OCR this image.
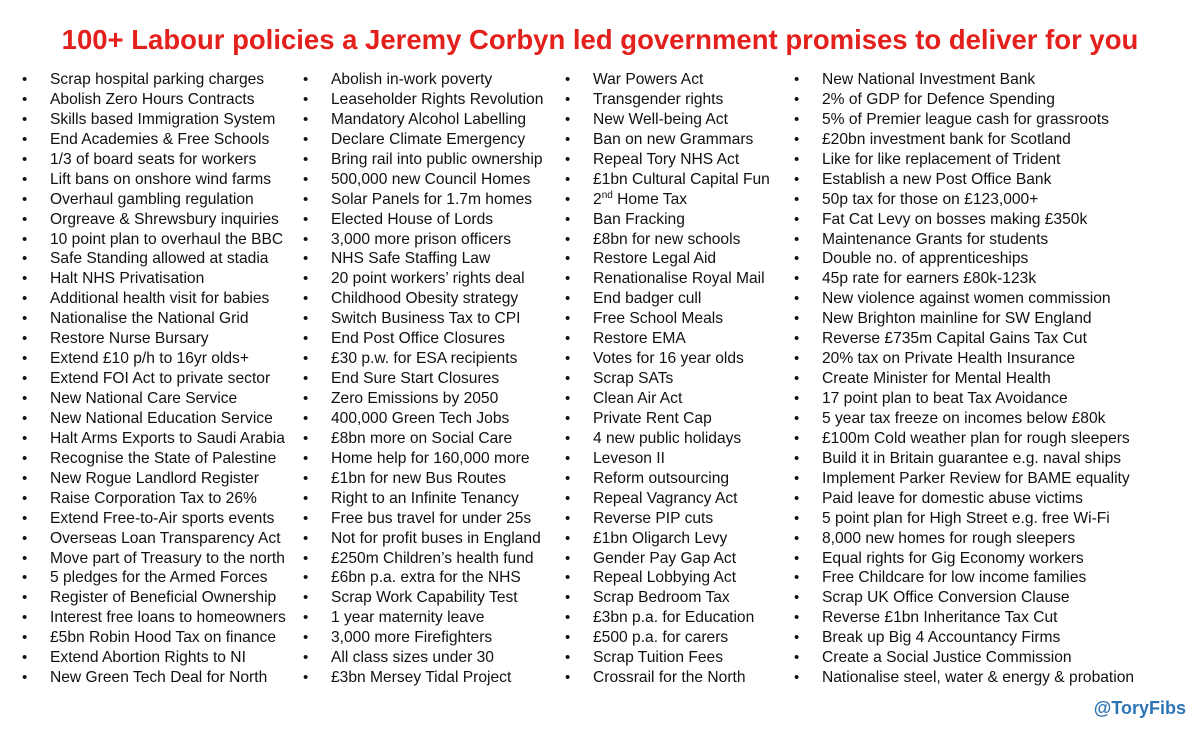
100+ Labour policies a Jeremy Corbyn led government promises to deliver for you
• Scrap hospital parking charges
• Abolish Zero Hours Contracts
• Skills based Immigration System
• End Academies & Free Schools
• 1/3 of board seats for workers
• Lift bans on onshore wind farms
• Overhaul gambling regulation
• Orgreave & Shrewsbury inquiries
• 10 point plan to overhaul the BBC
• Safe Standing allowed at stadia
• Halt NHS Privatisation
• Additional health visit for babies
• Nationalise the National Grid
• Restore Nurse Bursary
• Extend £10 p/h to 16yr olds+
• Extend FOI Act to private sector
• New National Care Service
• New National Education Service
• Halt Arms Exports to Saudi Arabia
• Recognise the State of Palestine
• New Rogue Landlord Register
• Raise Corporation Tax to 26%
• Extend Free-to-Air sports events
• Overseas Loan Transparency Act
• Move part of Treasury to the north
• 5 pledges for the Armed Forces
• Register of Beneficial Ownership
• Interest free loans to homeowners
• £5bn Robin Hood Tax on finance
• Extend Abortion Rights to NI
• New Green Tech Deal for North
• Abolish in-work poverty
• Leaseholder Rights Revolution
• Mandatory Alcohol Labelling
• Declare Climate Emergency
• Bring rail into public ownership
• 500,000 new Council Homes
• Solar Panels for 1.7m homes
• Elected House of Lords
• 3,000 more prison officers
• NHS Safe Staffing Law
• 20 point workers’ rights deal
• Childhood Obesity strategy
• Switch Business Tax to CPI
• End Post Office Closures
• £30 p.w. for ESA recipients
• End Sure Start Closures
• Zero Emissions by 2050
• 400,000 Green Tech Jobs
• £8bn more on Social Care
• Home help for 160,000 more
• £1bn for new Bus Routes
• Right to an Infinite Tenancy
• Free bus travel for under 25s
• Not for profit buses in England
• £250m Children’s health fund
• £6bn p.a. extra for the NHS
• Scrap Work Capability Test
• 1 year maternity leave
• 3,000 more Firefighters
• All class sizes under 30
• £3bn Mersey Tidal Project
• War Powers Act
• Transgender rights
• New Well-being Act
• Ban on new Grammars
• Repeal Tory NHS Act
• £1bn Cultural Capital Fun
• 2nd Home Tax
• Ban Fracking
• £8bn for new schools
• Restore Legal Aid
• Renationalise Royal Mail
• End badger cull
• Free School Meals
• Restore EMA
• Votes for 16 year olds
• Scrap SATs
• Clean Air Act
• Private Rent Cap
• 4 new public holidays
• Leveson II
• Reform outsourcing
• Repeal Vagrancy Act
• Reverse PIP cuts
• £1bn Oligarch Levy
• Gender Pay Gap Act
• Repeal Lobbying Act
• Scrap Bedroom Tax
• £3bn p.a. for Education
• £500 p.a. for carers
• Scrap Tuition Fees
• Crossrail for the North
• New National Investment Bank
• 2% of GDP for Defence Spending
• 5% of Premier league cash for grassroots
• £20bn investment bank for Scotland
• Like for like replacement of Trident
• Establish a new Post Office Bank
• 50p tax for those on £123,000+
• Fat Cat Levy on bosses making £350k
• Maintenance Grants for students
• Double no. of apprenticeships
• 45p rate for earners £80k-123k
• New violence against women commission
• New Brighton mainline for SW England
• Reverse £735m Capital Gains Tax Cut
• 20% tax on Private Health Insurance
• Create Minister for Mental Health
• 17 point plan to beat Tax Avoidance
• 5 year tax freeze on incomes below £80k
• £100m Cold weather plan for rough sleepers
• Build it in Britain guarantee e.g. naval ships
• Implement Parker Review for BAME equality
• Paid leave for domestic abuse victims
• 5 point plan for High Street e.g. free Wi-Fi
• 8,000 new homes for rough sleepers
• Equal rights for Gig Economy workers
• Free Childcare for low income families
• Scrap UK Office Conversion Clause
• Reverse £1bn Inheritance Tax Cut
• Break up Big 4 Accountancy Firms
• Create a Social Justice Commission
• Nationalise steel, water & energy & probation
@ToryFibs
